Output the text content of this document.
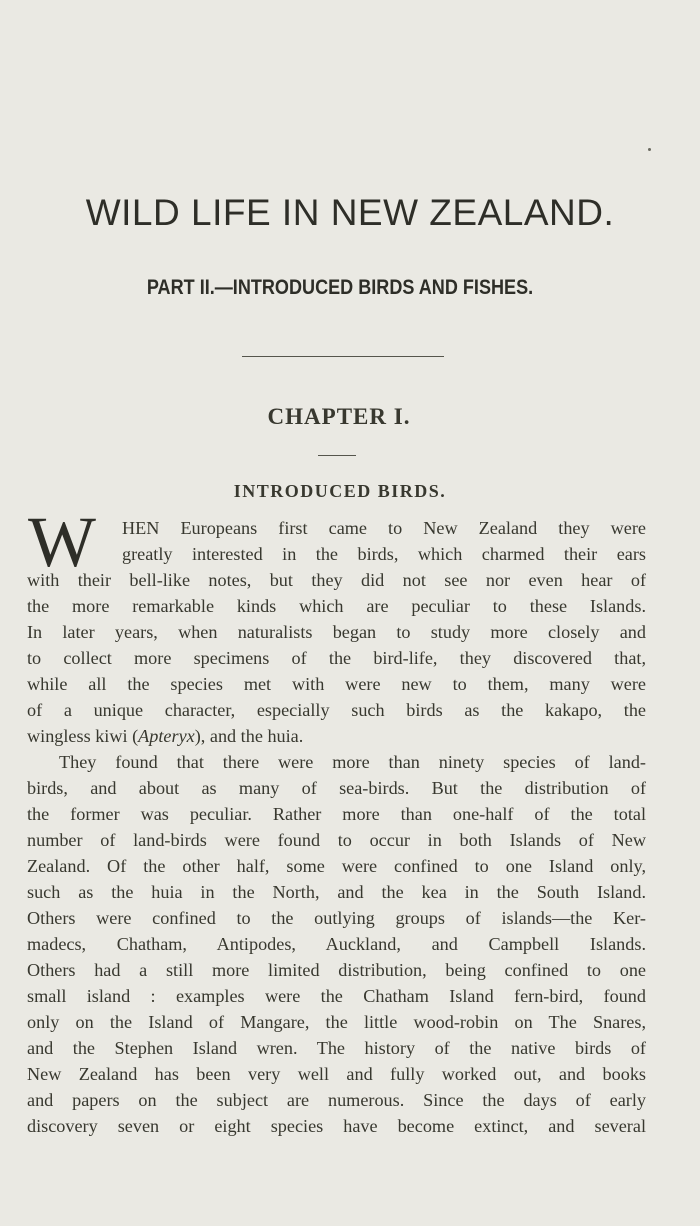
WILD LIFE IN NEW ZEALAND.
PART II.—INTRODUCED BIRDS AND FISHES.
CHAPTER I.
INTRODUCED BIRDS.
W HEN Europeans first came to New Zealand they were
greatly interested in the birds, which charmed their ears
with their bell-like notes, but they did not see nor even hear of
the more remarkable kinds which are peculiar to these Islands.
In later years, when naturalists began to study more closely and
to collect more specimens of the bird-life, they discovered that,
while all the species met with were new to them, many were
of a unique character, especially such birds as the kakapo, the
wingless kiwi (Apteryx), and the huia.
They found that there were more than ninety species of land-
birds, and about as many of sea-birds. But the distribution of
the former was peculiar. Rather more than one-half of the total
number of land-birds were found to occur in both Islands of New
Zealand. Of the other half, some were confined to one Island only,
such as the huia in the North, and the kea in the South Island.
Others were confined to the outlying groups of islands—the Ker-
madecs, Chatham, Antipodes, Auckland, and Campbell Islands.
Others had a still more limited distribution, being confined to one
small island : examples were the Chatham Island fern-bird, found
only on the Island of Mangare, the little wood-robin on The Snares,
and the Stephen Island wren. The history of the native birds of
New Zealand has been very well and fully worked out, and books
and papers on the subject are numerous. Since the days of early
discovery seven or eight species have become extinct, and several
